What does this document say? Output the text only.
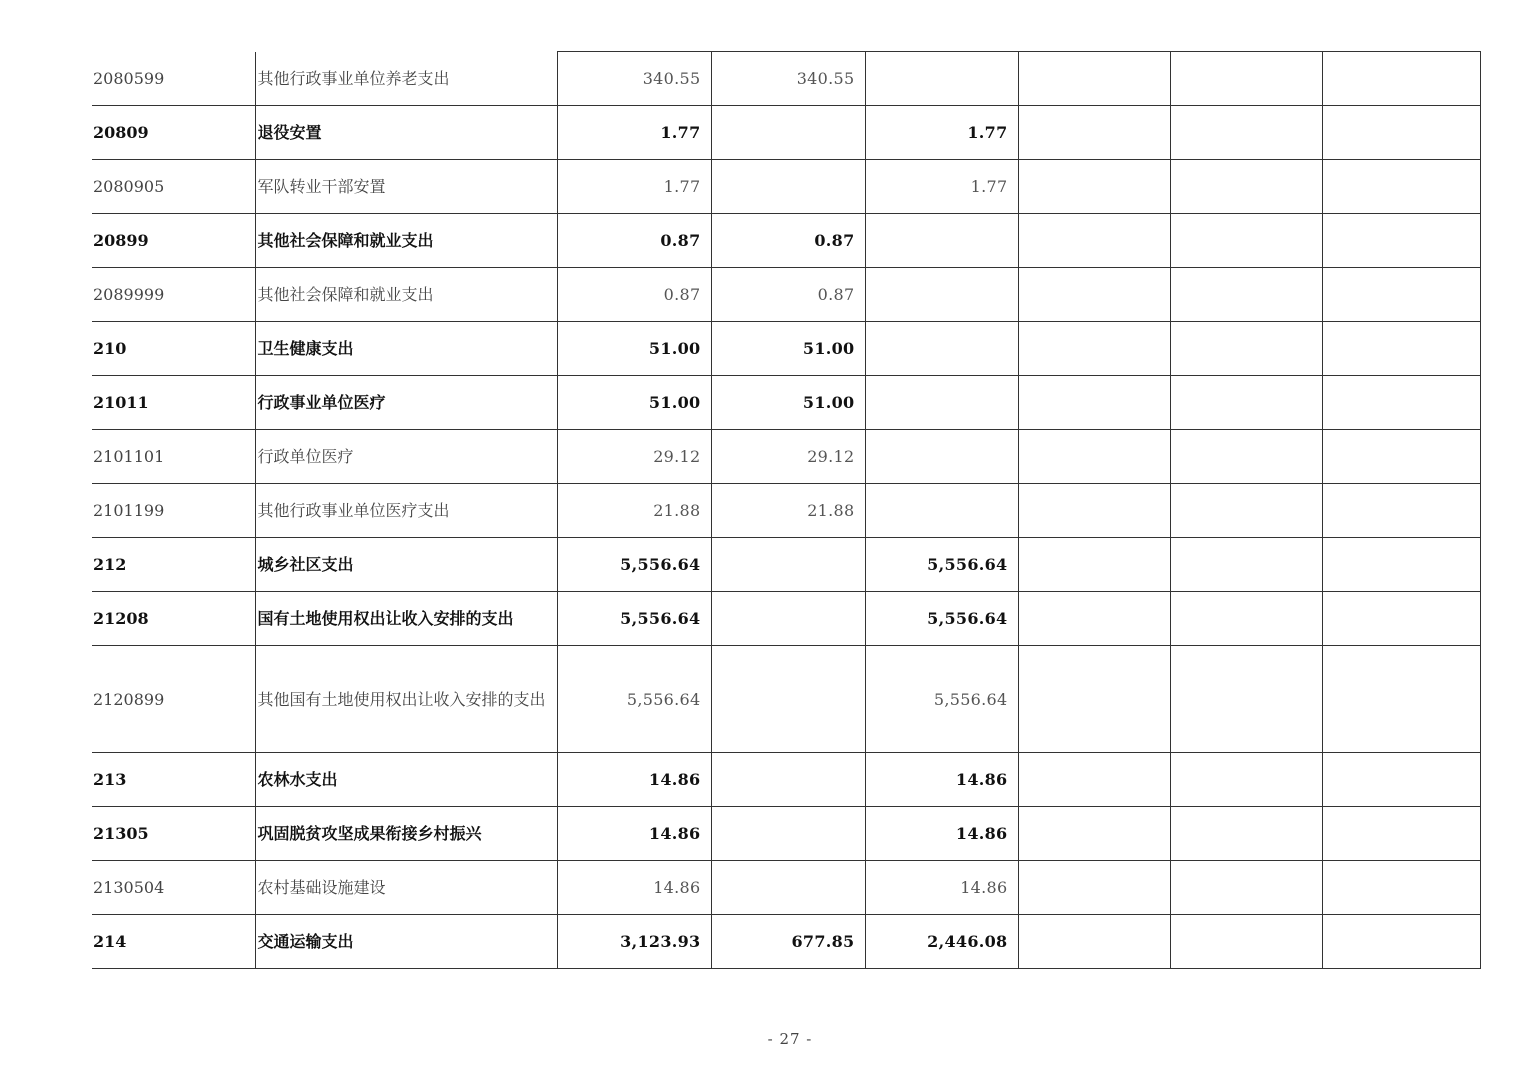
2080599	其他行政事业单位养老支出	340.55	340.55				
20809	退役安置	1.77		1.77			
2080905	军队转业干部安置	1.77		1.77			
20899	其他社会保障和就业支出	0.87	0.87				
2089999	其他社会保障和就业支出	0.87	0.87				
210	卫生健康支出	51.00	51.00				
21011	行政事业单位医疗	51.00	51.00				
2101101	行政单位医疗	29.12	29.12				
2101199	其他行政事业单位医疗支出	21.88	21.88				
212	城乡社区支出	5,556.64		5,556.64			
21208	国有土地使用权出让收入安排的支出	5,556.64		5,556.64			
2120899	其他国有土地使用权出让收入安排的支出	5,556.64		5,556.64			
213	农林水支出	14.86		14.86			
21305	巩固脱贫攻坚成果衔接乡村振兴	14.86		14.86			
2130504	农村基础设施建设	14.86		14.86			
214	交通运输支出	3,123.93	677.85	2,446.08			
- 27 -
